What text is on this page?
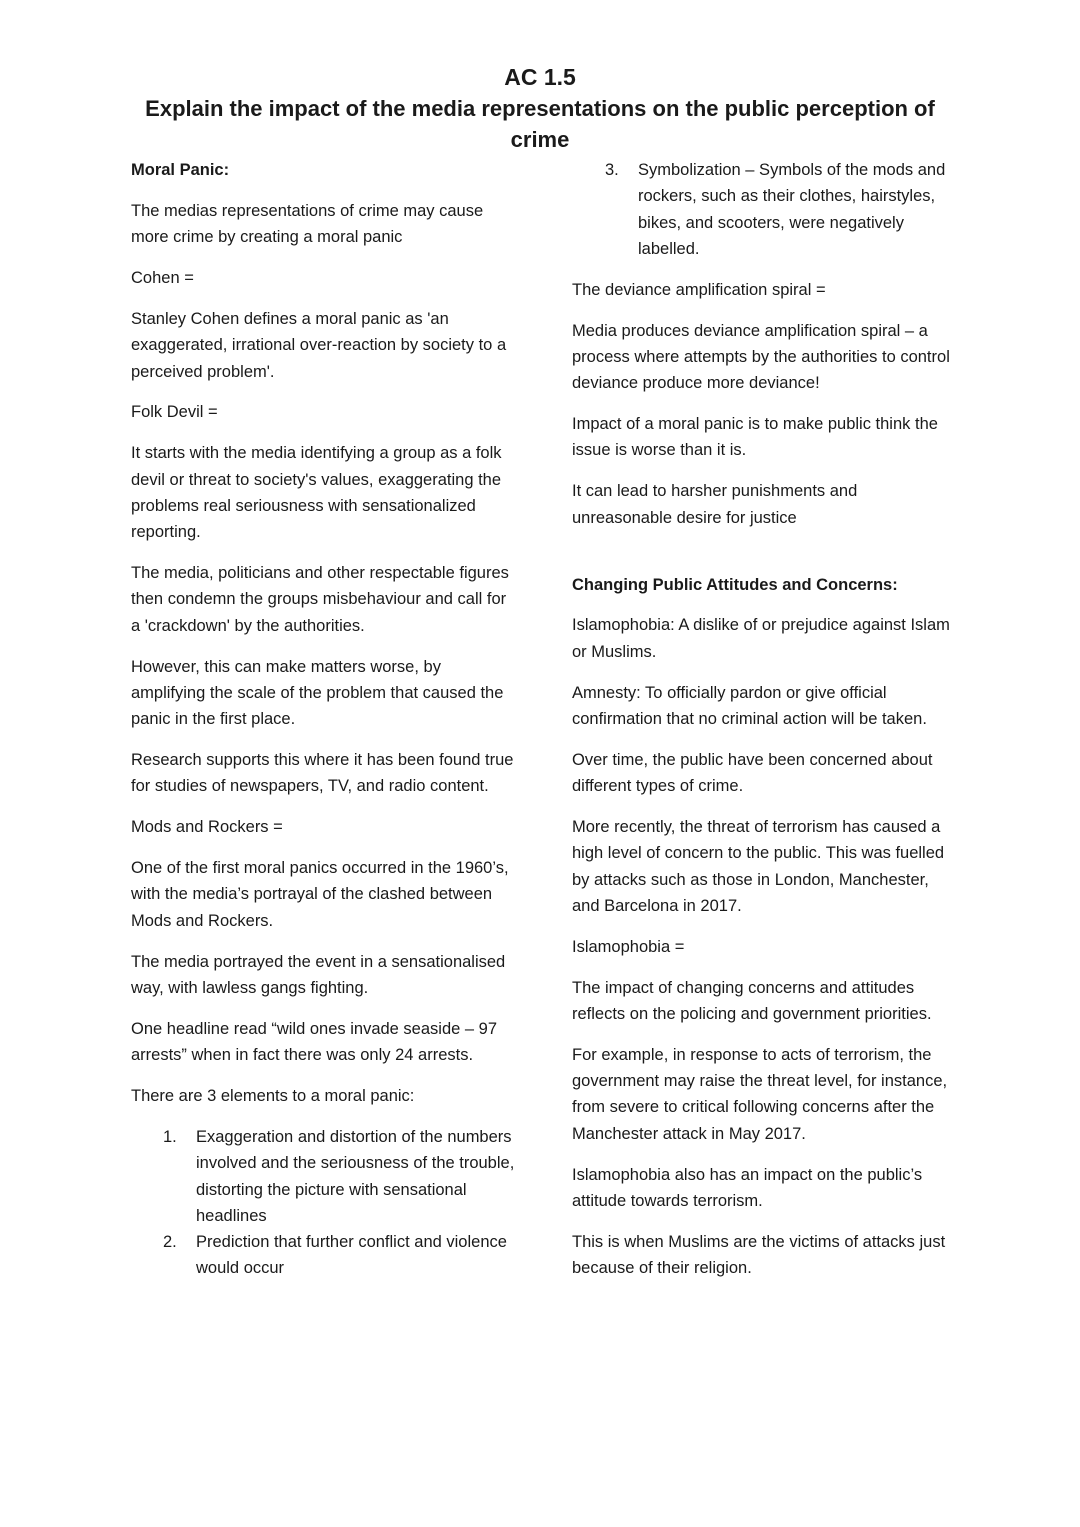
AC 1.5

Explain the impact of the media representations on the public perception of crime

Moral Panic:

The medias representations of crime may cause more crime by creating a moral panic

Cohen =

Stanley Cohen defines a moral panic as 'an exaggerated, irrational over-reaction by society to a perceived problem'.

Folk Devil =

It starts with the media identifying a group as a folk devil or threat to society's values, exaggerating the problems real seriousness with sensationalized reporting.

The media, politicians and other respectable figures then condemn the groups misbehaviour and call for a 'crackdown' by the authorities.

However, this can make matters worse, by amplifying the scale of the problem that caused the panic in the first place.

Research supports this where it has been found true for studies of newspapers, TV, and radio content.

Mods and Rockers =

One of the first moral panics occurred in the 1960’s, with the media’s portrayal of the clashed between Mods and Rockers.

The media portrayed the event in a sensationalised way, with lawless gangs fighting.

One headline read “wild ones invade seaside – 97 arrests” when in fact there was only 24 arrests.

There are 3 elements to a moral panic:

1. Exaggeration and distortion of the numbers involved and the seriousness of the trouble, distorting the picture with sensational headlines
2. Prediction that further conflict and violence would occur
3. Symbolization – Symbols of the mods and rockers, such as their clothes, hairstyles, bikes, and scooters, were negatively labelled.

The deviance amplification spiral =

Media produces deviance amplification spiral – a process where attempts by the authorities to control deviance produce more deviance!

Impact of a moral panic is to make public think the issue is worse than it is.

It can lead to harsher punishments and unreasonable desire for justice

Changing Public Attitudes and Concerns:

Islamophobia: A dislike of or prejudice against Islam or Muslims.

Amnesty: To officially pardon or give official confirmation that no criminal action will be taken.

Over time, the public have been concerned about different types of crime.

More recently, the threat of terrorism has caused a high level of concern to the public. This was fuelled by attacks such as those in London, Manchester, and Barcelona in 2017.

Islamophobia =

The impact of changing concerns and attitudes reflects on the policing and government priorities.

For example, in response to acts of terrorism, the government may raise the threat level, for instance, from severe to critical following concerns after the Manchester attack in May 2017.

Islamophobia also has an impact on the public’s attitude towards terrorism.

This is when Muslims are the victims of attacks just because of their religion.
